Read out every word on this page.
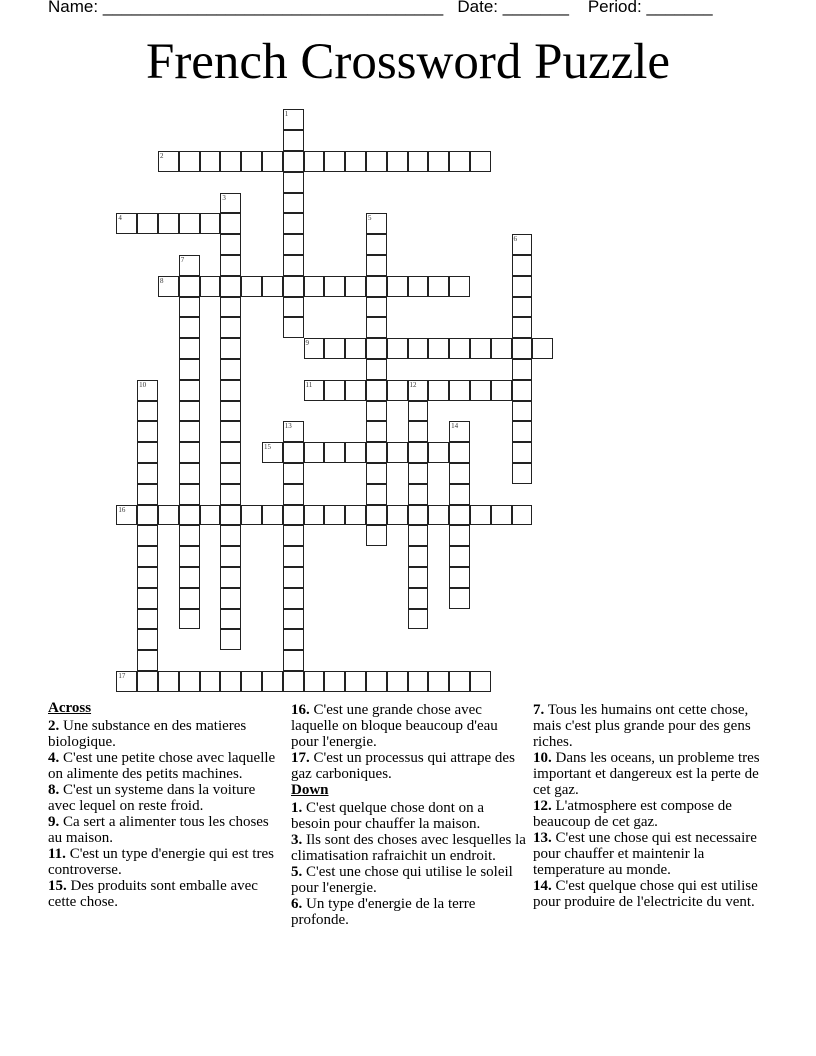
Name: ____________________________________ Date: _______ Period: _______
French Crossword Puzzle
1
2
3
4	5
6
7
8
9
10	11	12
13	14
15
16
17
Across
2. Une substance en des matieres biologique.
4. C'est une petite chose avec laquelle on alimente des petits machines.
8. C'est un systeme dans la voiture avec lequel on reste froid.
9. Ca sert a alimenter tous les choses au maison.
11. C'est un type d'energie qui est tres controverse.
15. Des produits sont emballe avec cette chose.
16. C'est une grande chose avec laquelle on bloque beaucoup d'eau pour l'energie.
17. C'est un processus qui attrape des gaz carboniques.
Down
1. C'est quelque chose dont on a besoin pour chauffer la maison.
3. Ils sont des choses avec lesquelles la climatisation rafraichit un endroit.
5. C'est une chose qui utilise le soleil pour l'energie.
6. Un type d'energie de la terre profonde.
7. Tous les humains ont cette chose, mais c'est plus grande pour des gens riches.
10. Dans les oceans, un probleme tres important et dangereux est la perte de cet gaz.
12. L'atmosphere est compose de beaucoup de cet gaz.
13. C'est une chose qui est necessaire pour chauffer et maintenir la temperature au monde.
14. C'est quelque chose qui est utilise pour produire de l'electricite du vent.
